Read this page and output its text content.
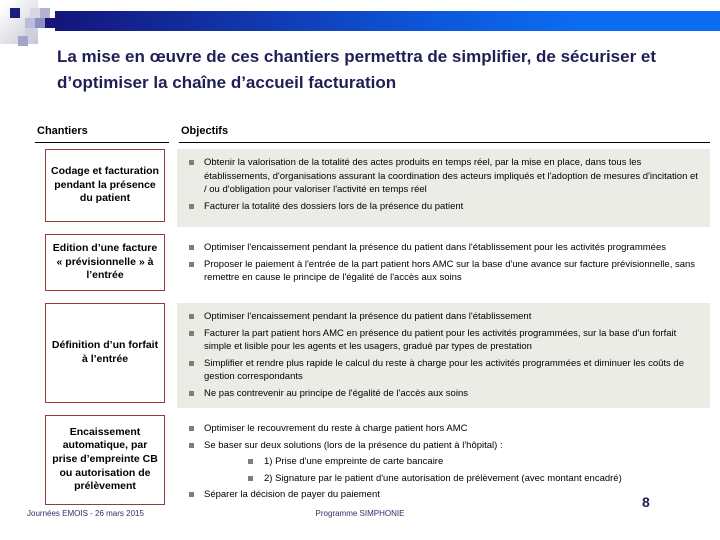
La mise en œuvre de ces chantiers permettra de simplifier, de sécuriser et d’optimiser la chaîne d’accueil facturation
Chantiers	Objectifs
Codage et facturation pendant la présence du patient
Obtenir la valorisation de la totalité des actes produits en temps réel, par la mise en place, dans tous les établissements, d'organisations assurant la coordination des acteurs impliqués et l'adoption de mesures d'incitation et / ou d'obligation pour valoriser l'activité en temps réel
Facturer la totalité des dossiers lors de la présence du patient
Edition d’une facture « prévisionnelle » à l’entrée
Optimiser l'encaissement pendant la présence du patient dans l'établissement pour les activités programmées
Proposer le paiement à l'entrée de la part patient hors AMC sur la base d'une avance sur facture prévisionnelle, sans remettre en cause le principe de l'égalité de l'accès aux soins
Définition d’un forfait à l’entrée
Optimiser l'encaissement pendant la présence du patient dans l'établissement
Facturer la part patient hors AMC en présence du patient pour les activités programmées, sur la base d'un forfait simple et lisible pour les agents et les usagers, gradué par types de prestation
Simplifier et rendre plus rapide le calcul du reste à charge pour les activités programmées et diminuer les coûts de gestion correspondants
Ne pas contrevenir au principe de l'égalité de l'accès aux soins
Encaissement automatique, par prise d’empreinte CB ou autorisation de prélèvement
Optimiser le recouvrement du reste à charge patient hors AMC
Se baser sur deux solutions (lors de la présence du patient à l'hôpital) :
1) Prise d'une empreinte de carte bancaire
2) Signature par le patient d'une autorisation de prélèvement (avec montant encadré)
Séparer la décision de payer du paiement
Journées EMOIS - 26 mars 2015	Programme SIMPHONIE
8
